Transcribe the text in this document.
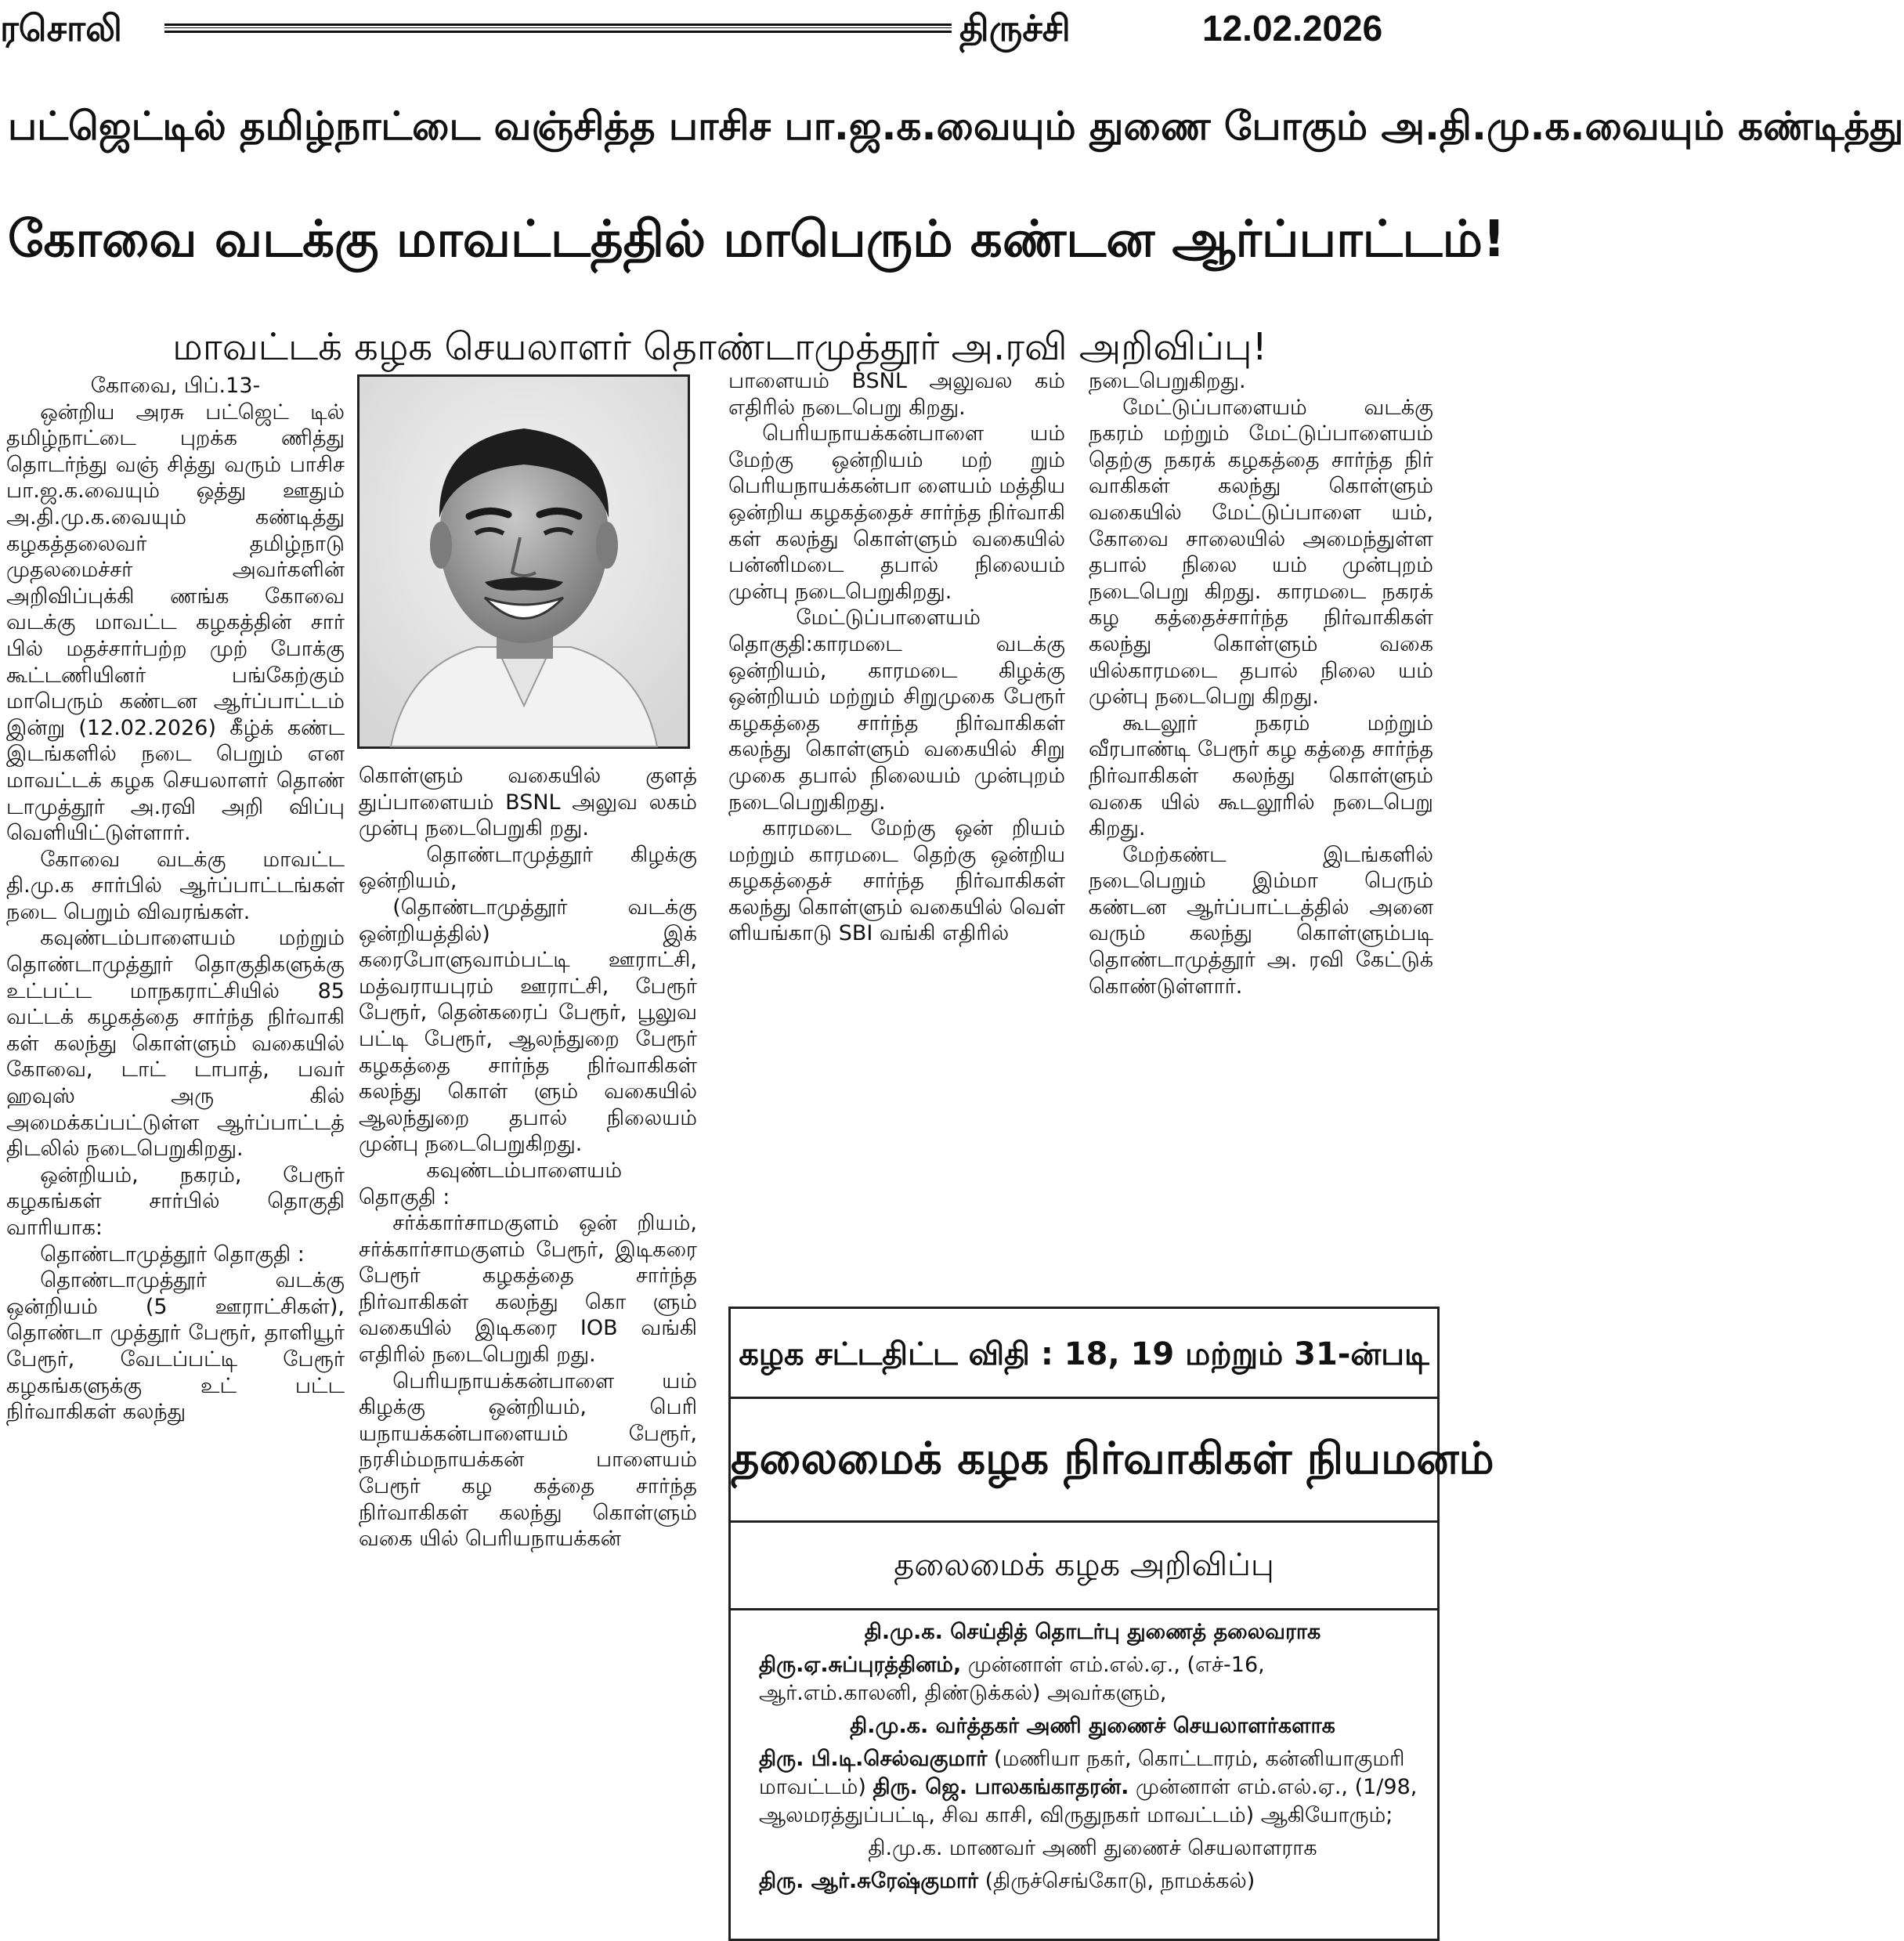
ரசொலி	திருச்சி	12.02.2026
பட்ஜெட்டில் தமிழ்நாட்டை வஞ்சித்த பாசிச பா.ஜ.க.வையும் துணை போகும் அ.தி.மு.க.வையும் கண்டித்து
கோவை வடக்கு மாவட்டத்தில் மாபெரும் கண்டன ஆர்ப்பாட்டம்!
மாவட்டக் கழக செயலாளர் தொண்டாமுத்தூர் அ.ரவி அறிவிப்பு!

கோவை, பிப்.13-

ஒன்றிய அரசு பட்ஜெட் டில் தமிழ்நாட்டை புறக்க ணித்து தொடர்ந்து வஞ் சித்து வரும் பாசிச பா.ஜ.க.வையும் ஒத்து ஊதும் அ.தி.மு.க.வையும் கண்டித்து கழகத்தலைவர் தமிழ்நாடு முதலமைச்சர் அவர்களின் அறிவிப்புக்கி ணங்க கோவை வடக்கு மாவட்ட கழகத்தின் சார் பில் மதச்சார்பற்ற முற் போக்கு கூட்டணியினர் பங்கேற்கும் மாபெரும் கண்டன ஆர்ப்பாட்டம் இன்று (12.02.2026) கீழ்க் கண்ட இடங்களில் நடை பெறும் என மாவட்டக் கழக செயலாளர் தொண் டாமுத்தூர் அ.ரவி அறி விப்பு வெளியிட்டுள்ளார்.

கோவை வடக்கு மாவட்ட தி.மு.க சார்பில் ஆர்ப்பாட்டங்கள் நடை பெறும் விவரங்கள்.

கவுண்டம்பாளையம் மற்றும் தொண்டாமுத்தூர் தொகுதிகளுக்கு உட்பட்ட மாநகராட்சியில் 85 வட்டக் கழகத்தை சார்ந்த நிர்வாகி கள் கலந்து கொள்ளும் வகையில் கோவை, டாட் டாபாத், பவர் ஹவுஸ் அரு கில் அமைக்கப்பட்டுள்ள ஆர்ப்பாட்டத் திடலில் நடைபெறுகிறது.

ஒன்றியம், நகரம், பேரூர் கழகங்கள் சார்பில் தொகுதி வாரியாக:

தொண்டாமுத்தூர் தொகுதி :

தொண்டாமுத்தூர் வடக்கு ஒன்றியம் (5 ஊராட்சிகள்), தொண்டா முத்தூர் பேரூர், தாளியூர் பேரூர், வேடப்பட்டி பேரூர் கழகங்களுக்கு உட் பட்ட நிர்வாகிகள் கலந்து

கொள்ளும் வகையில் குளத் துப்பாளையம் BSNL அலுவ லகம் முன்பு நடைபெறுகி றது.

தொண்டாமுத்தூர் கிழக்கு ஒன்றியம்,

(தொண்டாமுத்தூர் வடக்கு ஒன்றியத்தில்) இக் கரைபோளுவாம்பட்டி ஊராட்சி, மத்வராயபுரம் ஊராட்சி, பேரூர் பேரூர், தென்கரைப் பேரூர், பூலுவ பட்டி பேரூர், ஆலந்துறை பேரூர் கழகத்தை சார்ந்த நிர்வாகிகள் கலந்து கொள் ளும் வகையில் ஆலந்துறை தபால் நிலையம் முன்பு நடைபெறுகிறது.

கவுண்டம்பாளையம் தொகுதி :

சர்க்கார்சாமகுளம் ஒன் றியம், சர்க்கார்சாமகுளம் பேரூர், இடிகரை பேரூர் கழகத்தை சார்ந்த நிர்வாகிகள் கலந்து கொ ளும் வகையில் இடிகரை IOB வங்கி எதிரில் நடைபெறுகி றது.

பெரியநாயக்கன்பாளை யம் கிழக்கு ஒன்றியம், பெரி யநாயக்கன்பாளையம் பேரூர், நரசிம்மநாயக்கன் பாளையம் பேரூர் கழ கத்தை சார்ந்த நிர்வாகிகள் கலந்து கொள்ளும் வகை யில் பெரியநாயக்கன்

பாளையம் BSNL அலுவல கம் எதிரில் நடைபெறு கிறது.

பெரியநாயக்கன்பாளை யம் மேற்கு ஒன்றியம் மற் றும் பெரியநாயக்கன்பா ளையம் மத்திய ஒன்றிய கழகத்தைச் சார்ந்த நிர்வாகி கள் கலந்து கொள்ளும் வகையில் பன்னிமடை தபால் நிலையம் முன்பு நடைபெறுகிறது.

மேட்டுப்பாளையம் தொகுதி:காரமடை வடக்கு ஒன்றியம், காரமடை கிழக்கு ஒன்றியம் மற்றும் சிறுமுகை பேரூர் கழகத்தை சார்ந்த நிர்வாகிகள் கலந்து கொள்ளும் வகையில் சிறு முகை தபால் நிலையம் முன்புறம் நடைபெறுகிறது.

காரமடை மேற்கு ஒன் றியம் மற்றும் காரமடை தெற்கு ஒன்றிய கழகத்தைச் சார்ந்த நிர்வாகிகள் கலந்து கொள்ளும் வகையில் வெள் ளியங்காடு SBI வங்கி எதிரில்

நடைபெறுகிறது.

மேட்டுப்பாளையம் வடக்கு நகரம் மற்றும் மேட்டுப்பாளையம் தெற்கு நகரக் கழகத்தை சார்ந்த நிர் வாகிகள் கலந்து கொள்ளும் வகையில் மேட்டுப்பாளை யம், கோவை சாலையில் அமைந்துள்ள தபால் நிலை யம் முன்புறம் நடைபெறு கிறது. காரமடை நகரக் கழ கத்தைச்சார்ந்த நிர்வாகிகள் கலந்து கொள்ளும் வகை யில்காரமடை தபால் நிலை யம் முன்பு நடைபெறு கிறது.

கூடலூர் நகரம் மற்றும் வீரபாண்டி பேரூர் கழ கத்தை சார்ந்த நிர்வாகிகள் கலந்து கொள்ளும் வகை யில் கூடலூரில் நடைபெறு கிறது.

மேற்கண்ட இடங்களில் நடைபெறும் இம்மா பெரும் கண்டன ஆர்ப்பாட்டத்தில் அனை வரும் கலந்து கொள்ளும்படி தொண்டாமுத்தூர் அ. ரவி கேட்டுக் கொண்டுள்ளார்.

கழக சட்டதிட்ட விதி : 18, 19 மற்றும் 31-ன்படி
தலைமைக் கழக நிர்வாகிகள் நியமனம்
தலைமைக் கழக அறிவிப்பு

தி.மு.க. செய்தித் தொடர்பு துணைத் தலைவராக

திரு.ஏ.சுப்புரத்தினம், முன்னாள் எம்.எல்.ஏ., (எச்-16, ஆர்.எம்.காலனி, திண்டுக்கல்) அவர்களும்,

தி.மு.க. வர்த்தகர் அணி துணைச் செயலாளர்களாக

திரு. பி.டி.செல்வகுமார் (மணியா நகர், கொட்டாரம், கன்னியாகுமரி மாவட்டம்) திரு. ஜெ. பாலகங்காதரன். முன்னாள் எம்.எல்.ஏ., (1/98, ஆலமரத்துப்பட்டி, சிவ காசி, விருதுநகர் மாவட்டம்) ஆகியோரும்;

தி.மு.க. மாணவர் அணி துணைச் செயலாளராக

திரு. ஆர்.சுரேஷ்குமார் (திருச்செங்கோடு, நாமக்கல்)
